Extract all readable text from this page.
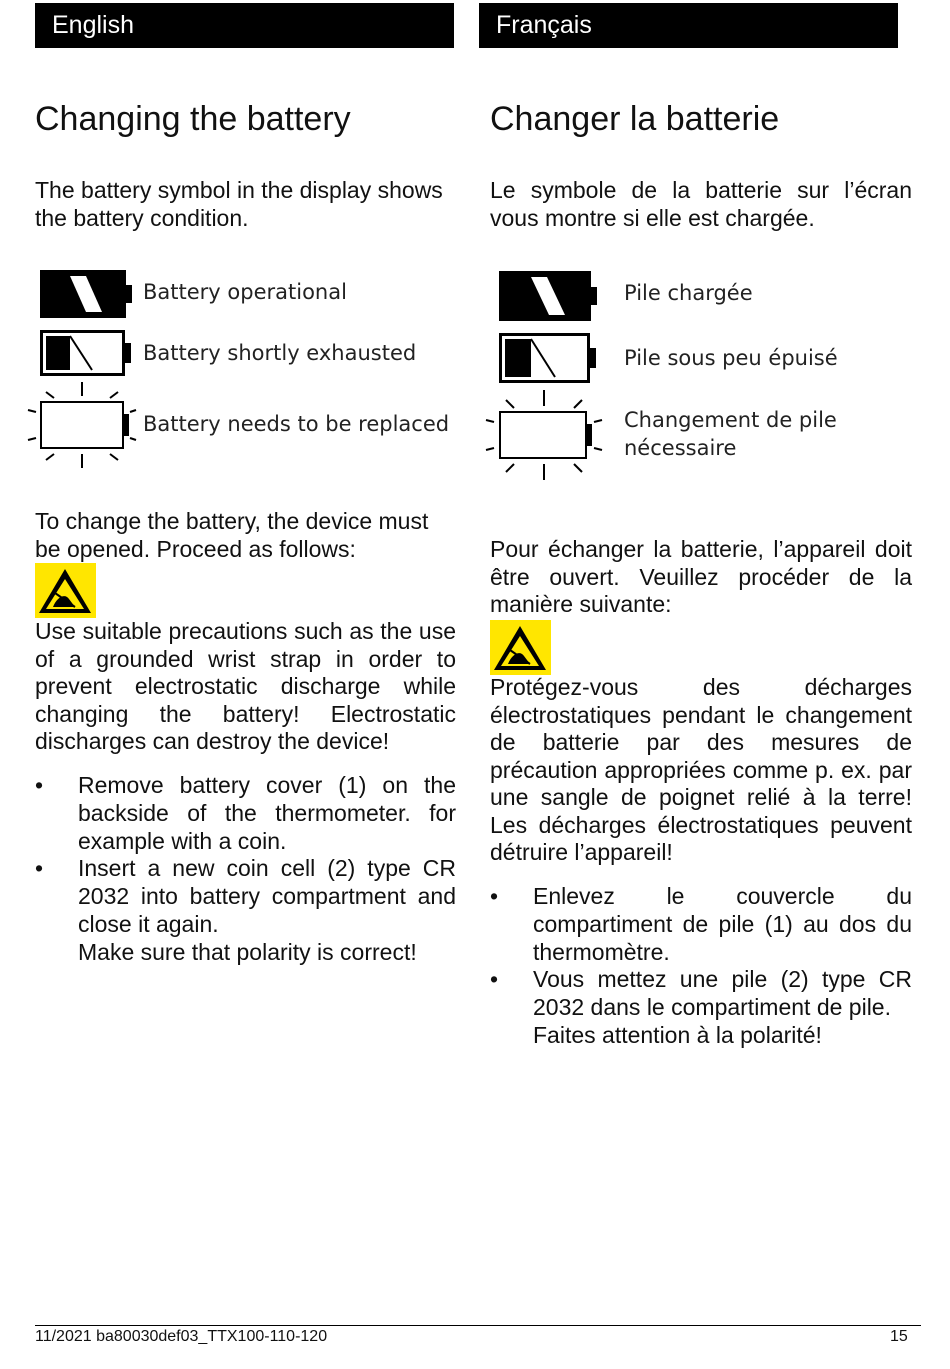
English	Français
Changing the battery

The battery symbol in the display shows the battery condition.

Battery operational
Battery shortly exhausted
Battery needs to be replaced

To change the battery, the device must be opened. Proceed as follows:

Use suitable precautions such as the use of a grounded wrist strap in order to prevent electrostatic discharge while changing the battery! Electrostatic discharges can destroy the device!

• Remove battery cover (1) on the backside of the thermometer. for example with a coin.
• Insert a new coin cell (2) type CR 2032 into battery compartment and close it again.
Make sure that polarity is correct!
Changer la batterie

Le symbole de la batterie sur l’écran vous montre si elle est chargée.

Pile chargée
Pile sous peu épuisé
Changement de pile
nécessaire

Pour échanger la batterie, l’appareil doit être ouvert. Veuillez procéder de la manière suivante:

Protégez-vous des décharges électrostatiques pendant le changement de batterie par des mesures de précaution appropriées comme p. ex. par une sangle de poignet relié à la terre! Les décharges électrostatiques peuvent détruire l’appareil!

• Enlevez le couvercle du compartiment de pile (1) au dos du thermomètre.
• Vous mettez une pile (2) type CR 2032 dans le compartiment de pile.
Faites attention à la polarité!
11/2021 ba80030def03_TTX100-110-120	15
